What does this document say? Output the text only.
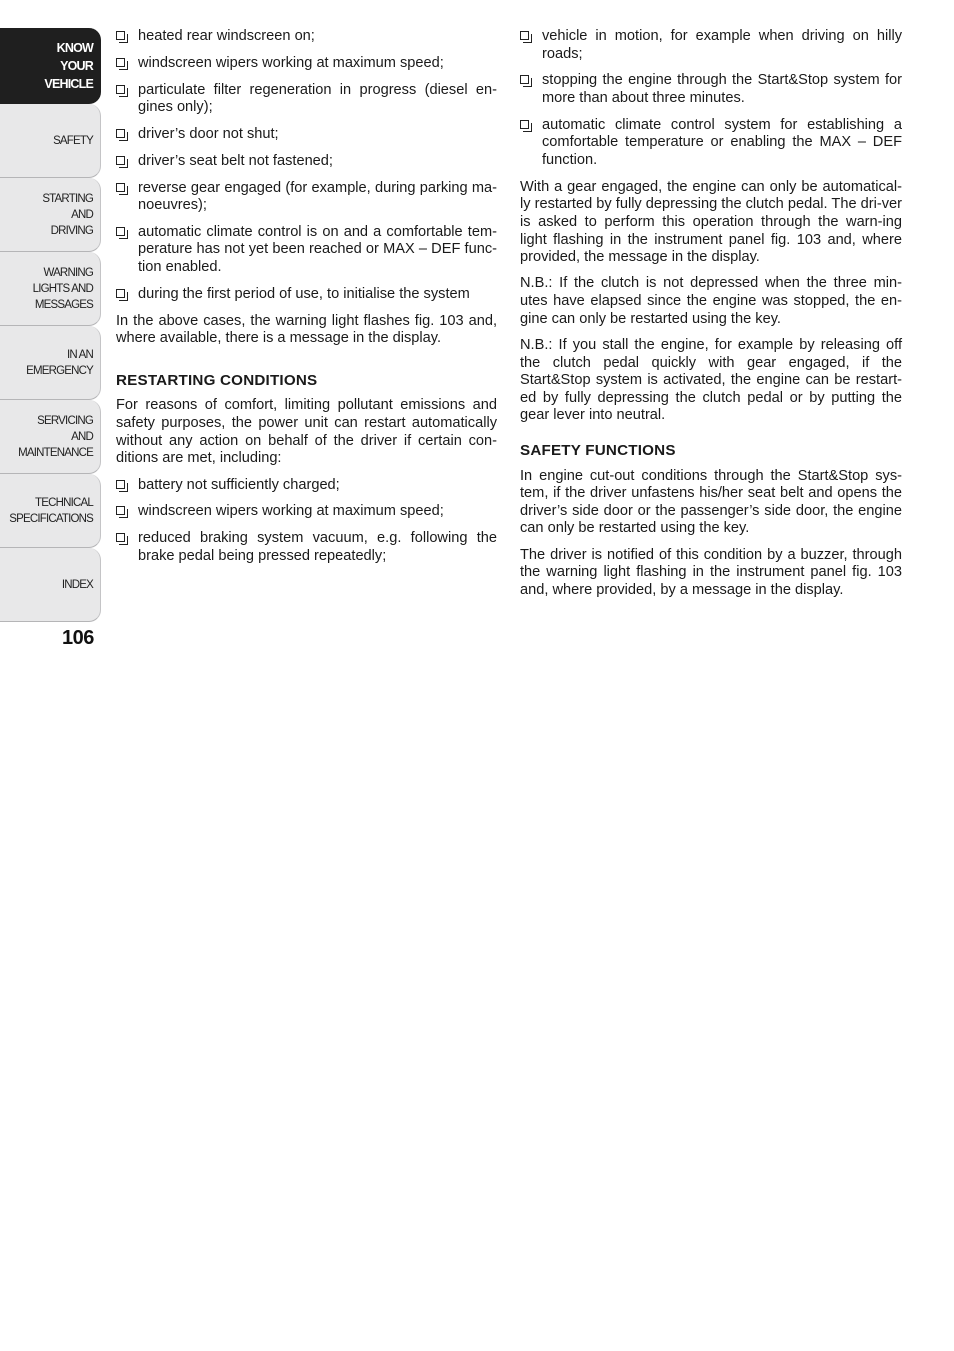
KNOW
YOUR
VEHICLE
SAFETY
STARTING
AND
DRIVING
WARNING
LIGHTS AND
MESSAGES
IN AN
EMERGENCY
SERVICING
AND
MAINTENANCE
TECHNICAL
SPECIFICATIONS
INDEX
106
heated rear windscreen on;
windscreen wipers working at maximum speed;
particulate filter regeneration in progress (diesel en-gines only);
driver’s door not shut;
driver’s seat belt not fastened;
reverse gear engaged (for example, during parking ma-noeuvres);
automatic climate control is on and a comfortable tem-perature has not yet been reached or MAX – DEF func-tion enabled.
during the first period of use, to initialise the system

In the above cases, the warning light flashes fig. 103 and, where available, there is a message in the display.

RESTARTING CONDITIONS

For reasons of comfort, limiting pollutant emissions and safety purposes, the power unit can restart automatically without any action on behalf of the driver if certain con-ditions are met, including:

battery not sufficiently charged;
windscreen wipers working at maximum speed;
reduced braking system vacuum, e.g. following the brake pedal being pressed repeatedly;
vehicle in motion, for example when driving on hilly roads;
stopping the engine through the Start&Stop system for more than about three minutes.
automatic climate control system for establishing a comfortable temperature or enabling the MAX – DEF function.

With a gear engaged, the engine can only be automatical-ly restarted by fully depressing the clutch pedal. The dri-ver is asked to perform this operation through the warn-ing light flashing in the instrument panel fig. 103 and, where provided, the message in the display.

N.B.: If the clutch is not depressed when the three min-utes have elapsed since the engine was stopped, the en-gine can only be restarted using the key.

N.B.: If you stall the engine, for example by releasing off the clutch pedal quickly with gear engaged, if the Start&Stop system is activated, the engine can be restart-ed by fully depressing the clutch pedal or by putting the gear lever into neutral.

SAFETY FUNCTIONS

In engine cut-out conditions through the Start&Stop sys-tem, if the driver unfastens his/her seat belt and opens the driver’s side door or the passenger’s side door, the engine can only be restarted using the key.

The driver is notified of this condition by a buzzer, through the warning light flashing in the instrument panel fig. 103 and, where provided, by a message in the display.
